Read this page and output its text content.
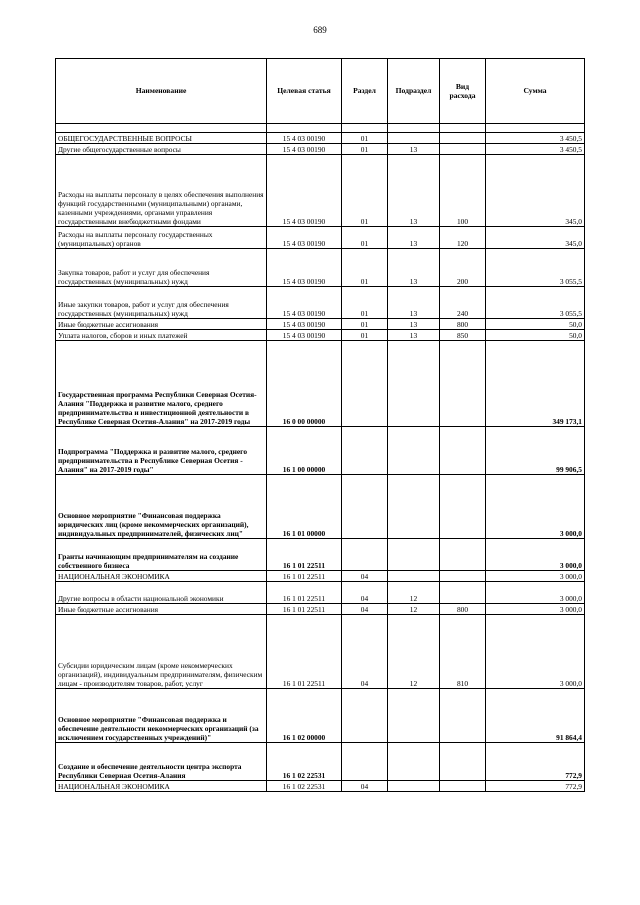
689
Наименование	Целевая статья	Раздел	Подраздел	Вид расхода	Сумма

ОБЩЕГОСУДАРСТВЕННЫЕ ВОПРОСЫ	15 4 03 00190	01			3 450,5
Другие общегосударственные вопросы	15 4 03 00190	01	13		3 450,5
Расходы на выплаты персоналу в целях обеспечения выполнения функций государственными (муниципальными) органами, казенными учреждениями, органами управления государственными внебюджетными фондами	15 4 03 00190	01	13	100	345,0
Расходы на выплаты персоналу государственных (муниципальных) органов	15 4 03 00190	01	13	120	345,0
Закупка товаров, работ и услуг для обеспечения государственных (муниципальных) нужд	15 4 03 00190	01	13	200	3 055,5
Иные закупки товаров, работ и услуг для обеспечения государственных (муниципальных) нужд	15 4 03 00190	01	13	240	3 055,5
Иные бюджетные ассигнования	15 4 03 00190	01	13	800	50,0
Уплата налогов, сборов и иных платежей	15 4 03 00190	01	13	850	50,0
Государственная программа Республики Северная Осетия-Алания "Поддержка и развитие малого, среднего предпринимательства и инвестиционной деятельности в Республике Северная Осетия-Алания" на 2017-2019 годы	16 0 00 00000				349 173,1
Подпрограмма "Поддержка и развитие малого, среднего предпринимательства в Республике Северная Осетия - Алания" на 2017-2019 годы"	16 1 00 00000				99 906,5
Основное мероприятие "Финансовая поддержка юридических лиц (кроме некоммерческих организаций), индивидуальных предпринимателей, физических лиц"	16 1 01 00000				3 000,0
Гранты начинающим предпринимателям на создание собственного бизнеса	16 1 01 22511				3 000,0
НАЦИОНАЛЬНАЯ ЭКОНОМИКА	16 1 01 22511	04			3 000,0
Другие вопросы в области национальной экономики	16 1 01 22511	04	12		3 000,0
Иные бюджетные ассигнования	16 1 01 22511	04	12	800	3 000,0
Субсидии юридическим лицам (кроме некоммерческих организаций), индивидуальным предпринимателям, физическим лицам - производителям товаров, работ, услуг	16 1 01 22511	04	12	810	3 000,0
Основное мероприятие "Финансовая поддержка и обеспечение деятельности некоммерческих организаций (за исключением государственных учреждений)"	16 1 02 00000				91 864,4
Создание и обеспечение деятельности центра экспорта Республики Северная Осетия-Алания	16 1 02 22531				772,9
НАЦИОНАЛЬНАЯ ЭКОНОМИКА	16 1 02 22531	04			772,9
